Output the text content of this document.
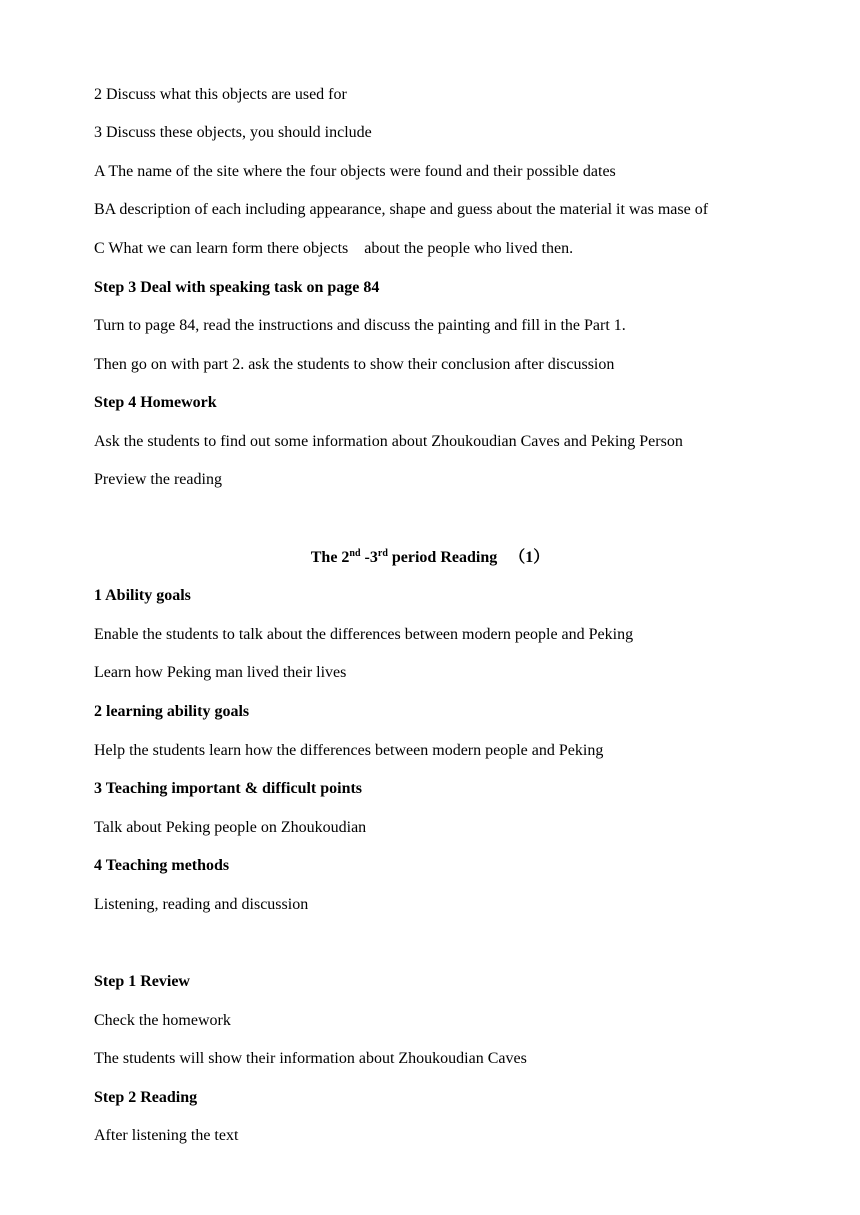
2 Discuss what this objects are used for
3 Discuss these objects, you should include
A The name of the site where the four objects were found and their possible dates
BA description of each including appearance, shape and guess about the material it was mase of
C What we can learn form there objects    about the people who lived then.
Step 3 Deal with speaking task on page 84
Turn to page 84, read the instructions and discuss the painting and fill in the Part 1.
Then go on with part 2. ask the students to show their conclusion after discussion
Step 4 Homework
Ask the students to find out some information about Zhoukoudian Caves and Peking Person
Preview the reading
The 2nd -3rd period Reading   （1）
1 Ability goals
Enable the students to talk about the differences between modern people and Peking
Learn how Peking man lived their lives
2 learning ability goals
Help the students learn how the differences between modern people and Peking
3 Teaching important & difficult points
Talk about Peking people on Zhoukoudian
4 Teaching methods
Listening, reading and discussion
Step 1 Review
Check the homework
The students will show their information about Zhoukoudian Caves
Step 2 Reading
After listening the text
